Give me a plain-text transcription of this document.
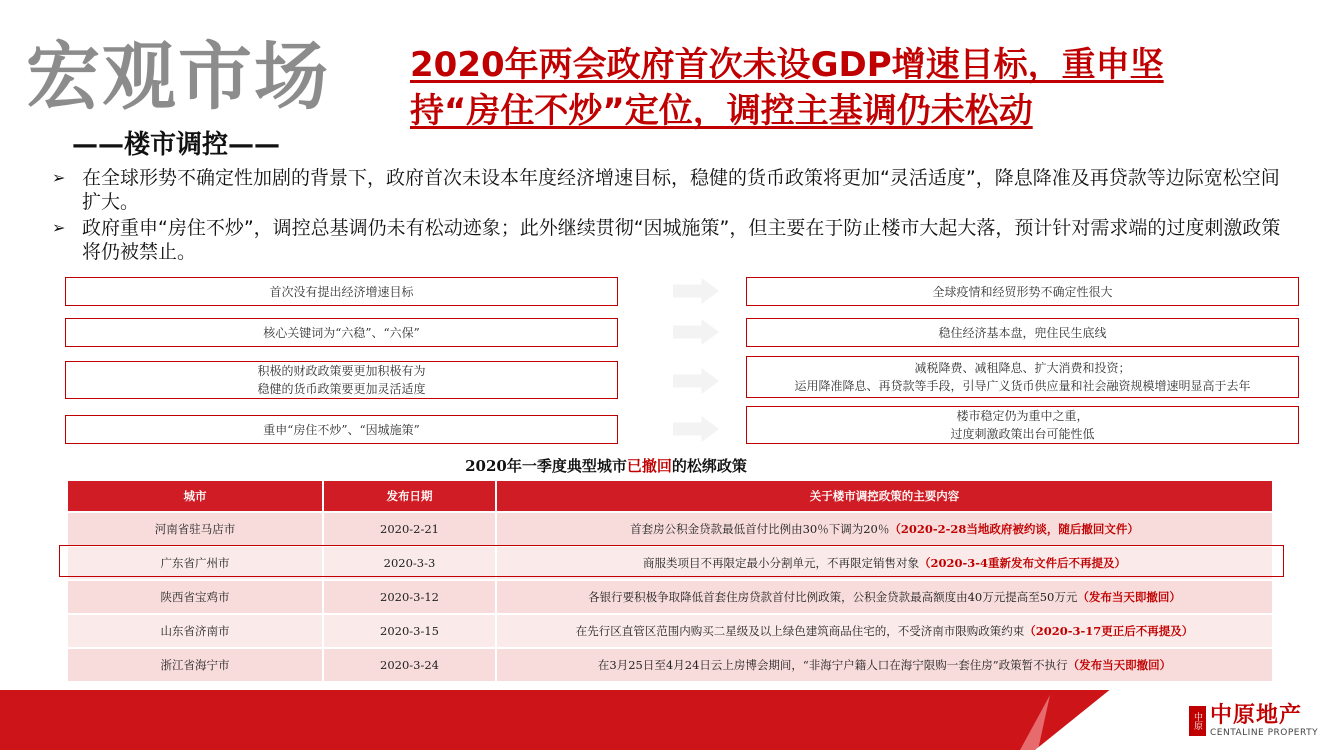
宏观市场
——楼市调控——
2020年两会政府首次未设GDP增速目标，重申坚
持“房住不炒”定位，调控主基调仍未松动
➢ 在全球形势不确定性加剧的背景下，政府首次未设本年度经济增速目标，稳健的货币政策将更加“灵活适度”，降息降准及再贷款等边际宽松空间扩大。
➢ 政府重申“房住不炒”，调控总基调仍未有松动迹象；此外继续贯彻“因城施策”，但主要在于防止楼市大起大落，预计针对需求端的过度刺激政策将仍被禁止。
首次没有提出经济增速目标
核心关键词为“六稳”、“六保”
积极的财政政策要更加积极有为
稳健的货币政策要更加灵活适度
重申“房住不炒”、“因城施策”
全球疫情和经贸形势不确定性很大
稳住经济基本盘，兜住民生底线
减税降费、减租降息、扩大消费和投资；
运用降准降息、再贷款等手段，引导广义货币供应量和社会融资规模增速明显高于去年
楼市稳定仍为重中之重，
过度刺激政策出台可能性低
2020年一季度典型城市已撤回的松绑政策
城市	发布日期	关于楼市调控政策的主要内容
河南省驻马店市	2020-2-21	首套房公积金贷款最低首付比例由30％下调为20％（2020-2-28当地政府被约谈，随后撤回文件）
广东省广州市	2020-3-3	商服类项目不再限定最小分割单元，不再限定销售对象（2020-3-4重新发布文件后不再提及）
陕西省宝鸡市	2020-3-12	各银行要积极争取降低首套住房贷款首付比例政策，公积金贷款最高额度由40万元提高至50万元（发布当天即撤回）
山东省济南市	2020-3-15	在先行区直管区范围内购买二星级及以上绿色建筑商品住宅的，不受济南市限购政策约束（2020-3-17更正后不再提及）
浙江省海宁市	2020-3-24	在3月25日至4月24日云上房博会期间，“非海宁户籍人口在海宁限购一套住房”政策暂不执行（发布当天即撤回）
中原 中原地产
CENTALINE PROPERTY
